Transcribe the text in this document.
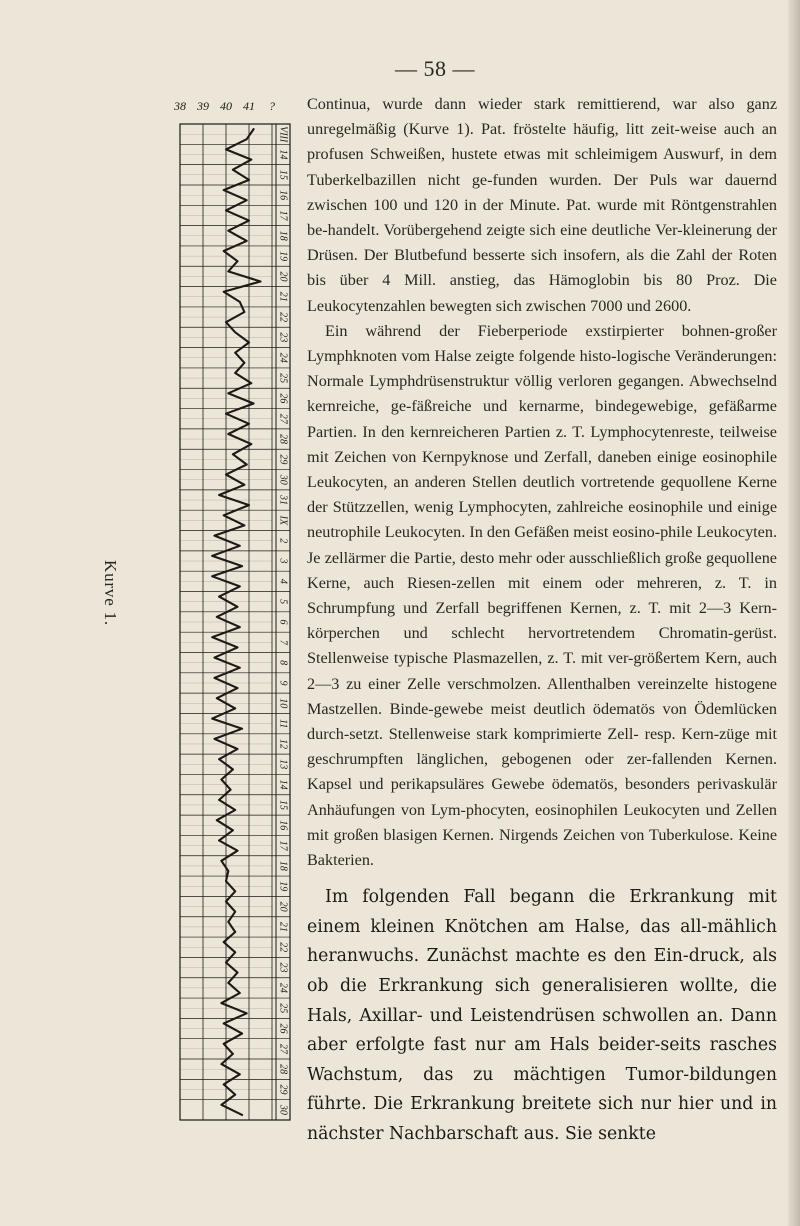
— 58 —
Kurve 1.
38 39 40 41 ?
VIII
14
15
16
17
18
19
20
21
22
23
24
25
26
27
28
29
30
31
IX
2
3
4
5
6
7
8
9
10
11
12
13
14
15
16
17
18
19
20
21
22
23
24
25
26
27
28
29
30

Continua, wurde dann wieder stark remittierend, war also ganz unregelmäßig (Kurve 1). Pat. fröstelte häufig, litt zeit-weise auch an profusen Schweißen, hustete etwas mit schleimigem Auswurf, in dem Tuberkelbazillen nicht ge-funden wurden. Der Puls war dauernd zwischen 100 und 120 in der Minute. Pat. wurde mit Röntgenstrahlen be-handelt. Vorübergehend zeigte sich eine deutliche Ver-kleinerung der Drüsen. Der Blutbefund besserte sich insofern, als die Zahl der Roten bis über 4 Mill. anstieg, das Hämoglobin bis 80 Proz. Die Leukocytenzahlen bewegten sich zwischen 7000 und 2600.

Ein während der Fieberperiode exstirpierter bohnen-großer Lymphknoten vom Halse zeigte folgende histo-logische Veränderungen: Normale Lymphdrüsenstruktur völlig verloren gegangen. Abwechselnd kernreiche, ge-fäßreiche und kernarme, bindegewebige, gefäßarme Partien. In den kernreicheren Partien z. T. Lymphocytenreste, teilweise mit Zeichen von Kernpyknose und Zerfall, daneben einige eosinophile Leukocyten, an anderen Stellen deutlich vortretende gequollene Kerne der Stützzellen, wenig Lymphocyten, zahlreiche eosinophile und einige neutrophile Leukocyten. In den Gefäßen meist eosino-phile Leukocyten. Je zellärmer die Partie, desto mehr oder ausschließlich große gequollene Kerne, auch Riesen-zellen mit einem oder mehreren, z. T. in Schrumpfung und Zerfall begriffenen Kernen, z. T. mit 2—3 Kern-körperchen und schlecht hervortretendem Chromatin-gerüst. Stellenweise typische Plasmazellen, z. T. mit ver-größertem Kern, auch 2—3 zu einer Zelle verschmolzen. Allenthalben vereinzelte histogene Mastzellen. Binde-gewebe meist deutlich ödematös von Ödemlücken durch-setzt. Stellenweise stark komprimierte Zell- resp. Kern-züge mit geschrumpften länglichen, gebogenen oder zer-fallenden Kernen. Kapsel und perikapsuläres Gewebe ödematös, besonders perivaskulär Anhäufungen von Lym-phocyten, eosinophilen Leukocyten und Zellen mit großen blasigen Kernen. Nirgends Zeichen von Tuberkulose. Keine Bakterien.

Im folgenden Fall begann die Erkrankung mit einem kleinen Knötchen am Halse, das all-mählich heranwuchs. Zunächst machte es den Ein-druck, als ob die Erkrankung sich generalisieren wollte, die Hals, Axillar- und Leistendrüsen schwollen an. Dann aber erfolgte fast nur am Hals beider-seits rasches Wachstum, das zu mächtigen Tumor-bildungen führte. Die Erkrankung breitete sich nur hier und in nächster Nachbarschaft aus. Sie senkte
